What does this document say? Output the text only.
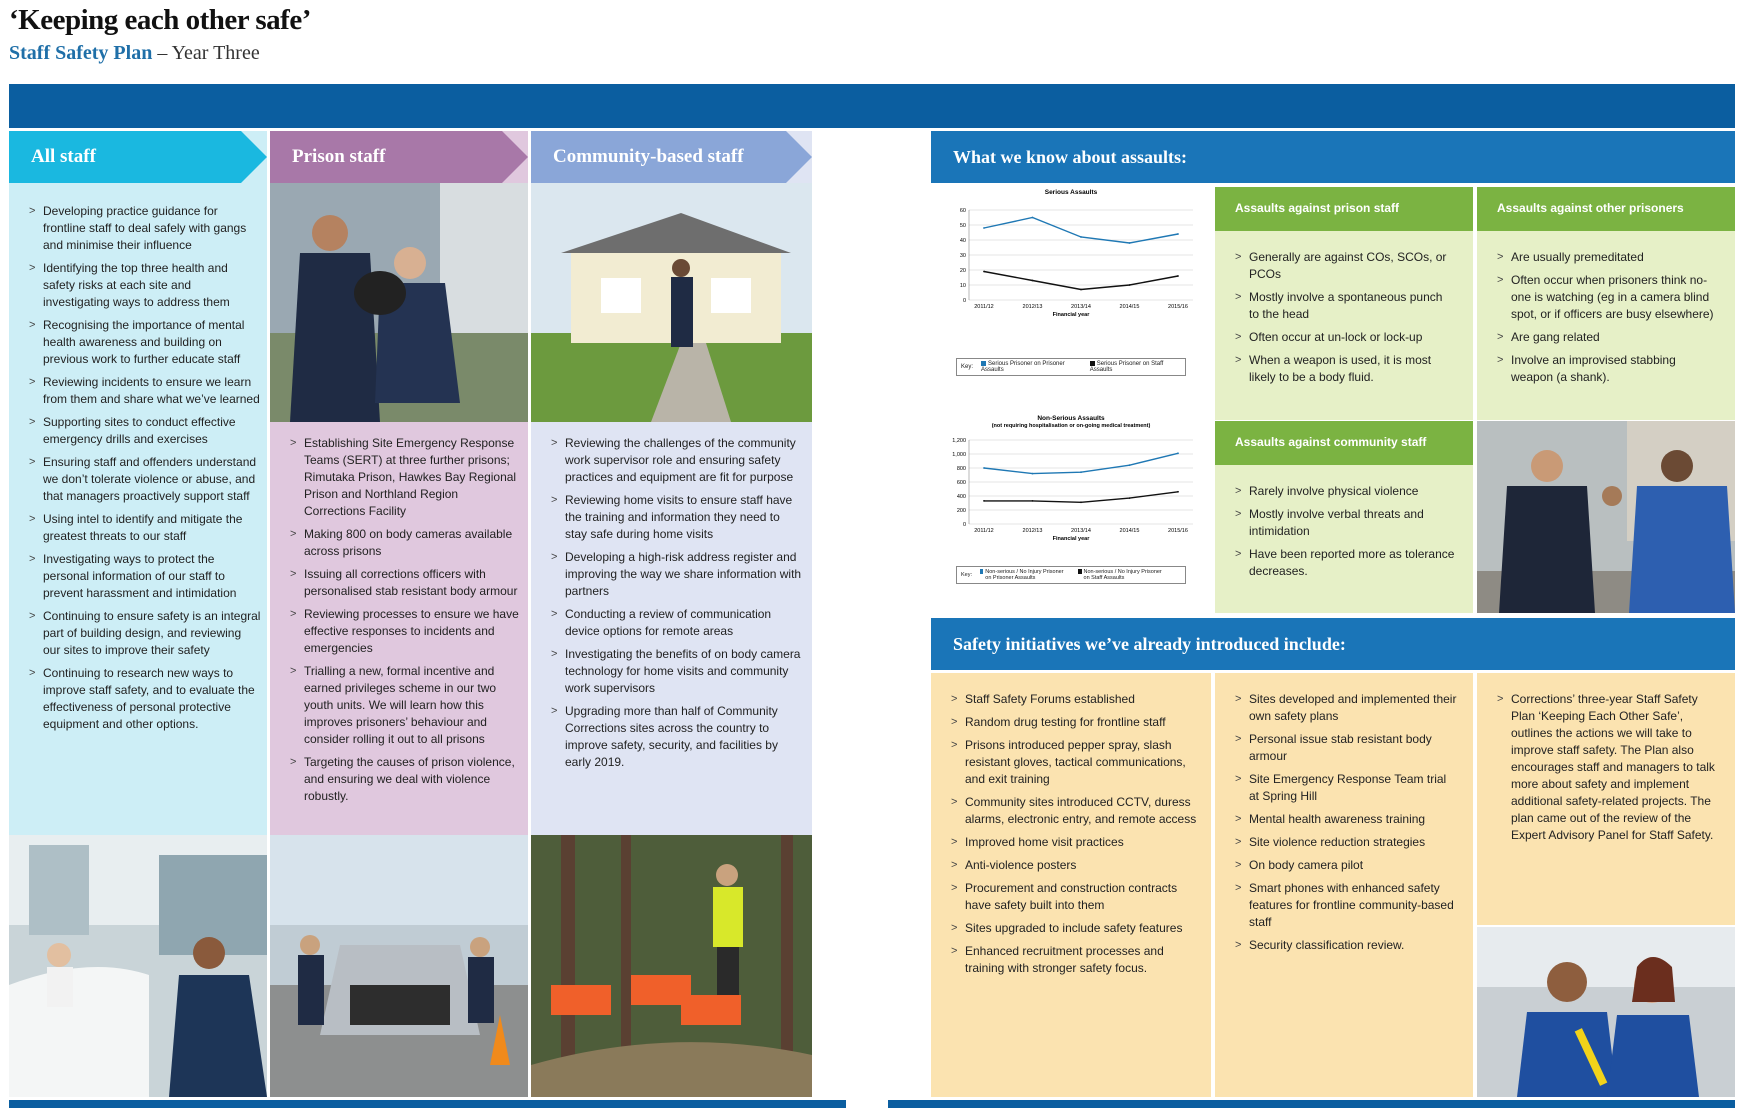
‘Keeping each other safe’
Staff Safety Plan – Year Three
All staff
> Developing practice guidance for frontline staff to deal safely with gangs and minimise their influence
> Identifying the top three health and safety risks at each site and investigating ways to address them
> Recognising the importance of mental health awareness and building on previous work to further educate staff
> Reviewing incidents to ensure we learn from them and share what we’ve learned
> Supporting sites to conduct effective emergency drills and exercises
> Ensuring staff and offenders understand we don’t tolerate violence or abuse, and that managers proactively support staff
> Using intel to identify and mitigate the greatest threats to our staff
> Investigating ways to protect the personal information of our staff to prevent harassment and intimidation
> Continuing to ensure safety is an integral part of building design, and reviewing our sites to improve their safety
> Continuing to research new ways to improve staff safety, and to evaluate the effectiveness of personal protective equipment and other options.
Prison staff
> Establishing Site Emergency Response Teams (SERT) at three further prisons; Rimutaka Prison, Hawkes Bay Regional Prison and Northland Region Corrections Facility
> Making 800 on body cameras available across prisons
> Issuing all corrections officers with personalised stab resistant body armour
> Reviewing processes to ensure we have effective responses to incidents and emergencies
> Trialling a new, formal incentive and earned privileges scheme in our two youth units. We will learn how this improves prisoners’ behaviour and consider rolling it out to all prisons
> Targeting the causes of prison violence, and ensuring we deal with violence robustly.
Community-based staff
> Reviewing the challenges of the community work supervisor role and ensuring safety practices and equipment are fit for purpose
> Reviewing home visits to ensure staff have the training and information they need to stay safe during home visits
> Developing a high-risk address register and improving the way we share information with partners
> Conducting a review of communication device options for remote areas
> Investigating the benefits of on body camera technology for home visits and community work supervisors
> Upgrading more than half of Community Corrections sites across the country to improve safety, security, and facilities by early 2019.
What we know about assaults:
Serious Assaults
0
10
20
30
40
50
60
2011/12	2012/13	2013/14	2014/15	2015/16
Financial year
Key:	Serious Prisoner on Prisoner Assaults
Serious Prisoner on Staff Assaults
Non-Serious Assaults
(not requiring hospitalisation or on-going medical treatment)
0
200
400
600
800
1,000
1,200
2011/12	2012/13	2013/14	2014/15	2015/16
Financial year
Key: Non-serious / No Injury Prisoner on Prisoner Assaults
Non-serious / No Injury Prisoner on Staff Assaults
Assaults against prison staff
> Generally are against COs, SCOs, or PCOs
> Mostly involve a spontaneous punch to the head
> Often occur at un-lock or lock-up
> When a weapon is used, it is most likely to be a body fluid.
Assaults against other prisoners
> Are usually premeditated
> Often occur when prisoners think no-one is watching (eg in a camera blind spot, or if officers are busy elsewhere)
> Are gang related
> Involve an improvised stabbing weapon (a shank).
Assaults against community staff
> Rarely involve physical violence
> Mostly involve verbal threats and intimidation
> Have been reported more as tolerance decreases.
Safety initiatives we’ve already introduced include:
> Staff Safety Forums established
> Random drug testing for frontline staff
> Prisons introduced pepper spray, slash resistant gloves, tactical communications, and exit training
> Community sites introduced CCTV, duress alarms, electronic entry, and remote access
> Improved home visit practices
> Anti-violence posters
> Procurement and construction contracts have safety built into them
> Sites upgraded to include safety features
> Enhanced recruitment processes and training with stronger safety focus.
> Sites developed and implemented their own safety plans
> Personal issue stab resistant body armour
> Site Emergency Response Team trial at Spring Hill
> Mental health awareness training
> Site violence reduction strategies
> On body camera pilot
> Smart phones with enhanced safety features for frontline community-based staff
> Security classification review.
> Corrections’ three-year Staff Safety Plan ‘Keeping Each Other Safe’, outlines the actions we will take to improve staff safety. The Plan also encourages staff and managers to talk more about safety and implement additional safety-related projects. The plan came out of the review of the Expert Advisory Panel for Staff Safety.
